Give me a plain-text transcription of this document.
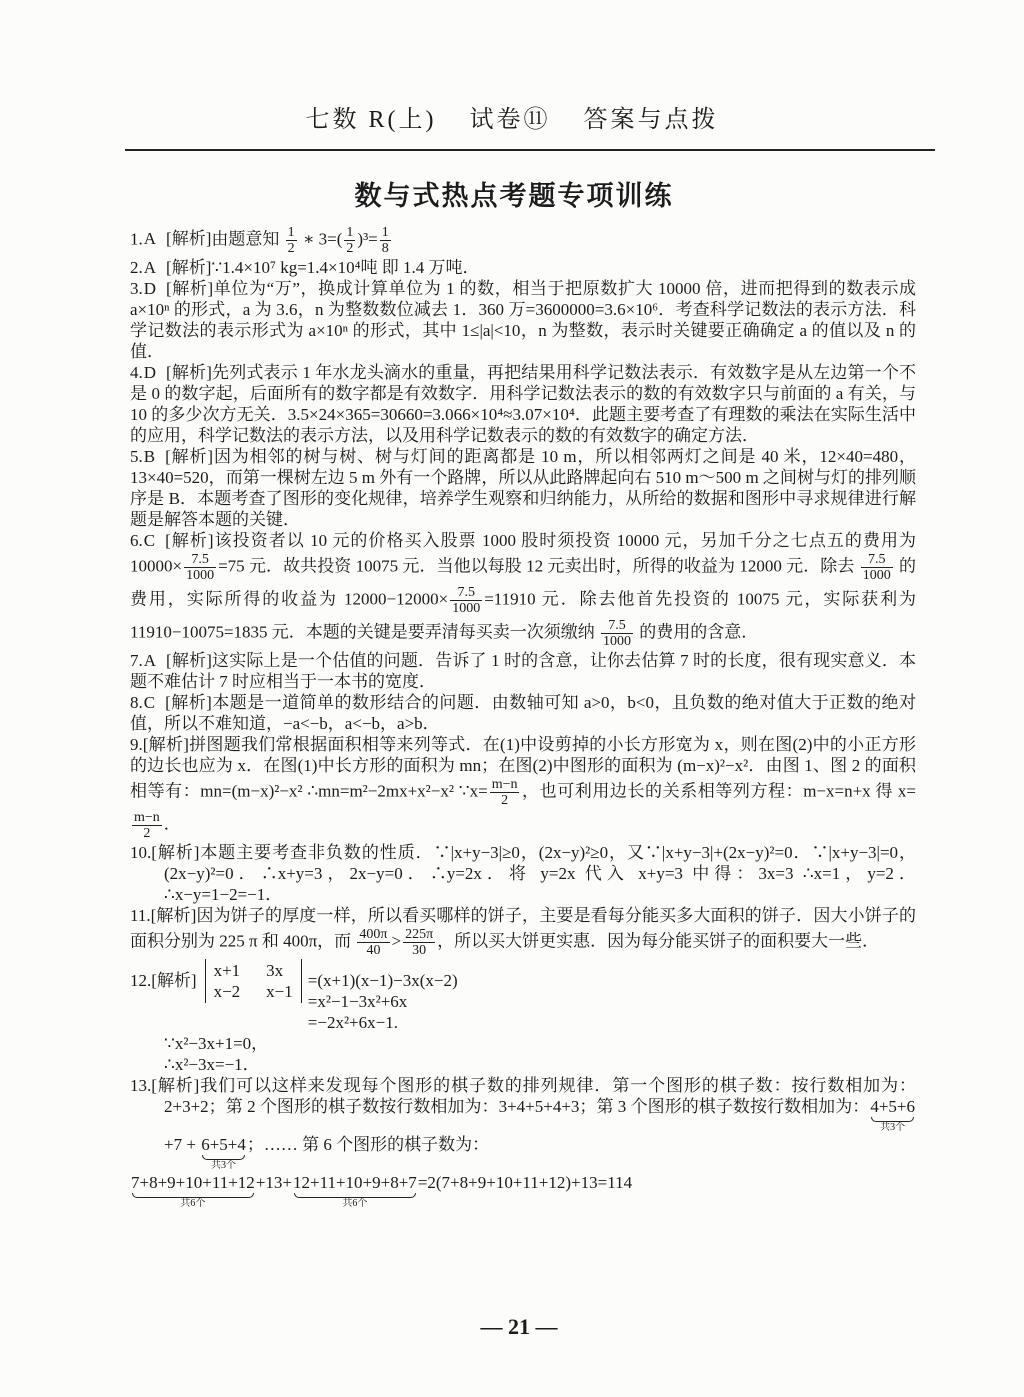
七数 R(上) 试卷⑪ 答案与点拨
数与式热点考题专项训练

1.A [解析]由题意知 $\frac{1}{2}$ ∗ $3=( \frac{1}{2} )^3= \frac{1}{8}$

2.A [解析]∵1.4×10⁷ kg=1.4×10⁴吨 即 1.4 万吨．

3.D [解析]单位为“万”，换成计算单位为 1 的数，相当于把原数扩大 10000 倍，进而把得到的数表示成 a×10ⁿ 的形式，a 为 3.6，n 为整数数位减去 1．360 万=3600000=3.6×10⁶．考查科学记数法的表示方法．科学记数法的表示形式为 a×10ⁿ 的形式，其中 1≤|a|<10，n 为整数，表示时关键要正确确定 a 的值以及 n 的值．

4.D [解析]先列式表示 1 年水龙头滴水的重量，再把结果用科学记数法表示．有效数字是从左边第一个不是 0 的数字起，后面所有的数字都是有效数字．用科学记数法表示的数的有效数字只与前面的 a 有关，与 10 的多少次方无关．3.5×24×365=30660=3.066×10⁴≈3.07×10⁴．此题主要考查了有理数的乘法在实际生活中的应用，科学记数法的表示方法，以及用科学记数表示的数的有效数字的确定方法．

5.B [解析]因为相邻的树与树、树与灯间的距离都是 10 m，所以相邻两灯之间是 40 米，12×40=480，13×40=520，而第一棵树左边 5 m 外有一个路牌，所以从此路牌起向右 510 m～500 m 之间树与灯的排列顺序是 B．本题考查了图形的变化规律，培养学生观察和归纳能力，从所给的数据和图形中寻求规律进行解题是解答本题的关键．

6.C [解析]该投资者以 10 元的价格买入股票 1000 股时须投资 10000 元，另加千分之七点五的费用为 $10000\times \frac{7.5}{1000} =75$ 元．故共投资 10075 元．当他以每股 12 元卖出时，所得的收益为 12000 元．除去 $\frac{7.5}{1000}$ 的费用，实际所得的收益为 $12000-12000\times \frac{7.5}{1000} =11910$ 元．除去他首先投资的 10075 元，实际获利为 11910−10075=1835 元．本题的关键是要弄清每买卖一次须缴纳 $\frac{7.5}{1000}$ 的费用的含意．

7.A [解析]这实际上是一个估值的问题．告诉了 1 时的含意，让你去估算 7 时的长度，很有现实意义．本题不难估计 7 时应相当于一本书的宽度．

8.C [解析]本题是一道简单的数形结合的问题．由数轴可知 a>0，b<0，且负数的绝对值大于正数的绝对值，所以不难知道，−a<−b，a<−b，a>b．

9.[解析]拼图题我们常根据面积相等来列等式．在(1)中设剪掉的小长方形宽为 x，则在图(2)中的小正方形的边长也应为 x．在图(1)中长方形的面积为 mn；在图(2)中图形的面积为 (m−x)²−x²．由图 1、图 2 的面积相等有：mn=(m−x)²−x² ∴mn=m²−2mx+x²−x² ∵x= $\frac{m-n}{2}$ ，也可利用边长的关系相等列方程：m−x=n+x 得 x=
$\frac{m-n}{2}$ ．

10.[解析]本题主要考查非负数的性质．∵|x+y−3|≥0，(2x−y)²≥0，又∵|x+y−3|+(2x−y)²=0．∵|x+y−3|=0，(2x−y)²=0．∴x+y=3，2x−y=0．∴y=2x．将 y=2x 代入 x+y=3 中得：3x=3 ∴x=1，y=2．∴x−y=1−2=−1．

11.[解析]因为饼子的厚度一样，所以看买哪样的饼子，主要是看每分能买多大面积的饼子．因大小饼子的面积分别为 225 π 和 400π，而 $\frac{400\pi}{40} > \frac{225\pi}{30}$ ，所以买大饼更实惠．因为每分能买饼子的面积要大一些．

12. [解析]
x+1 3x
x−2 x−1
=(x+1)(x−1)−3x(x−2)
=x²−1−3x²+6x
=−2x²+6x−1.

∵x²−3x+1=0，

∴x²−3x=−1．

13.[解析]我们可以这样来发现每个图形的棋子数的排列规律．第一个图形的棋子数：按行数相加为：2+3+2；第 2 个图形的棋子数按行数相加为：3+4+5+4+3；第 3 个图形的棋子数按行数相加为： 4+5+6
共3个
+7 + 6+5+4
共3个
；…… 第 6 个图形的棋子数为：

7+8+9+10+11+12
共6个
+13+ 12+11+10+9+8+7
共6个
=2(7+8+9+10+11+12)+13=114

— 21 —
